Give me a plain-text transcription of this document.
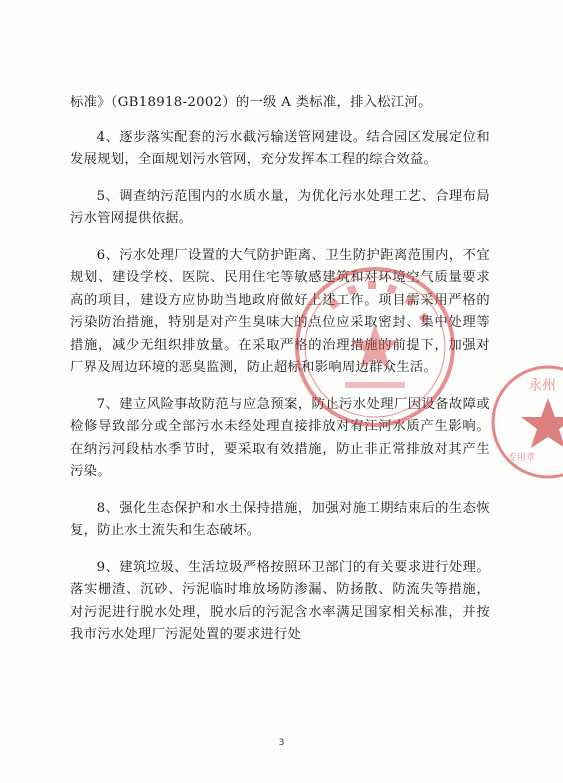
标准》（GB18918-2002）的一级 A 类标准，排入松江河。

4、逐步落实配套的污水截污输送管网建设。结合园区发展定位和发展规划，全面规划污水管网，充分发挥本工程的综合效益。

5、调查纳污范围内的水质水量，为优化污水处理工艺、合理布局污水管网提供依据。

6、污水处理厂设置的大气防护距离、卫生防护距离范围内，不宜规划、建设学校、医院、民用住宅等敏感建筑和对环境空气质量要求高的项目，建设方应协助当地政府做好上述工作。项目需采用严格的污染防治措施，特别是对产生臭味大的点位应采取密封、集中处理等措施，减少无组织排放量。在采取严格的治理措施的前提下，加强对厂界及周边环境的恶臭监测，防止超标和影响周边群众生活。

7、建立风险事故防范与应急预案，防止污水处理厂因设备故障或检修导致部分或全部污水未经处理直接排放对宥江河水质产生影响。在纳污河段枯水季节时，要采取有效措施，防止非正常排放对其产生污染。

8、强化生态保护和水土保持措施，加强对施工期结束后的生态恢复，防止水土流失和生态破坏。

9、建筑垃圾、生活垃圾严格按照环卫部门的有关要求进行处理。落实栅渣、沉砂、污泥临时堆放场防渗漏、防扬散、防流失等措施，对污泥进行脱水处理，脱水后的污泥含水率满足国家相关标准，并按我市污水处理厂污泥处置的要求进行处

永州
专用章
3
